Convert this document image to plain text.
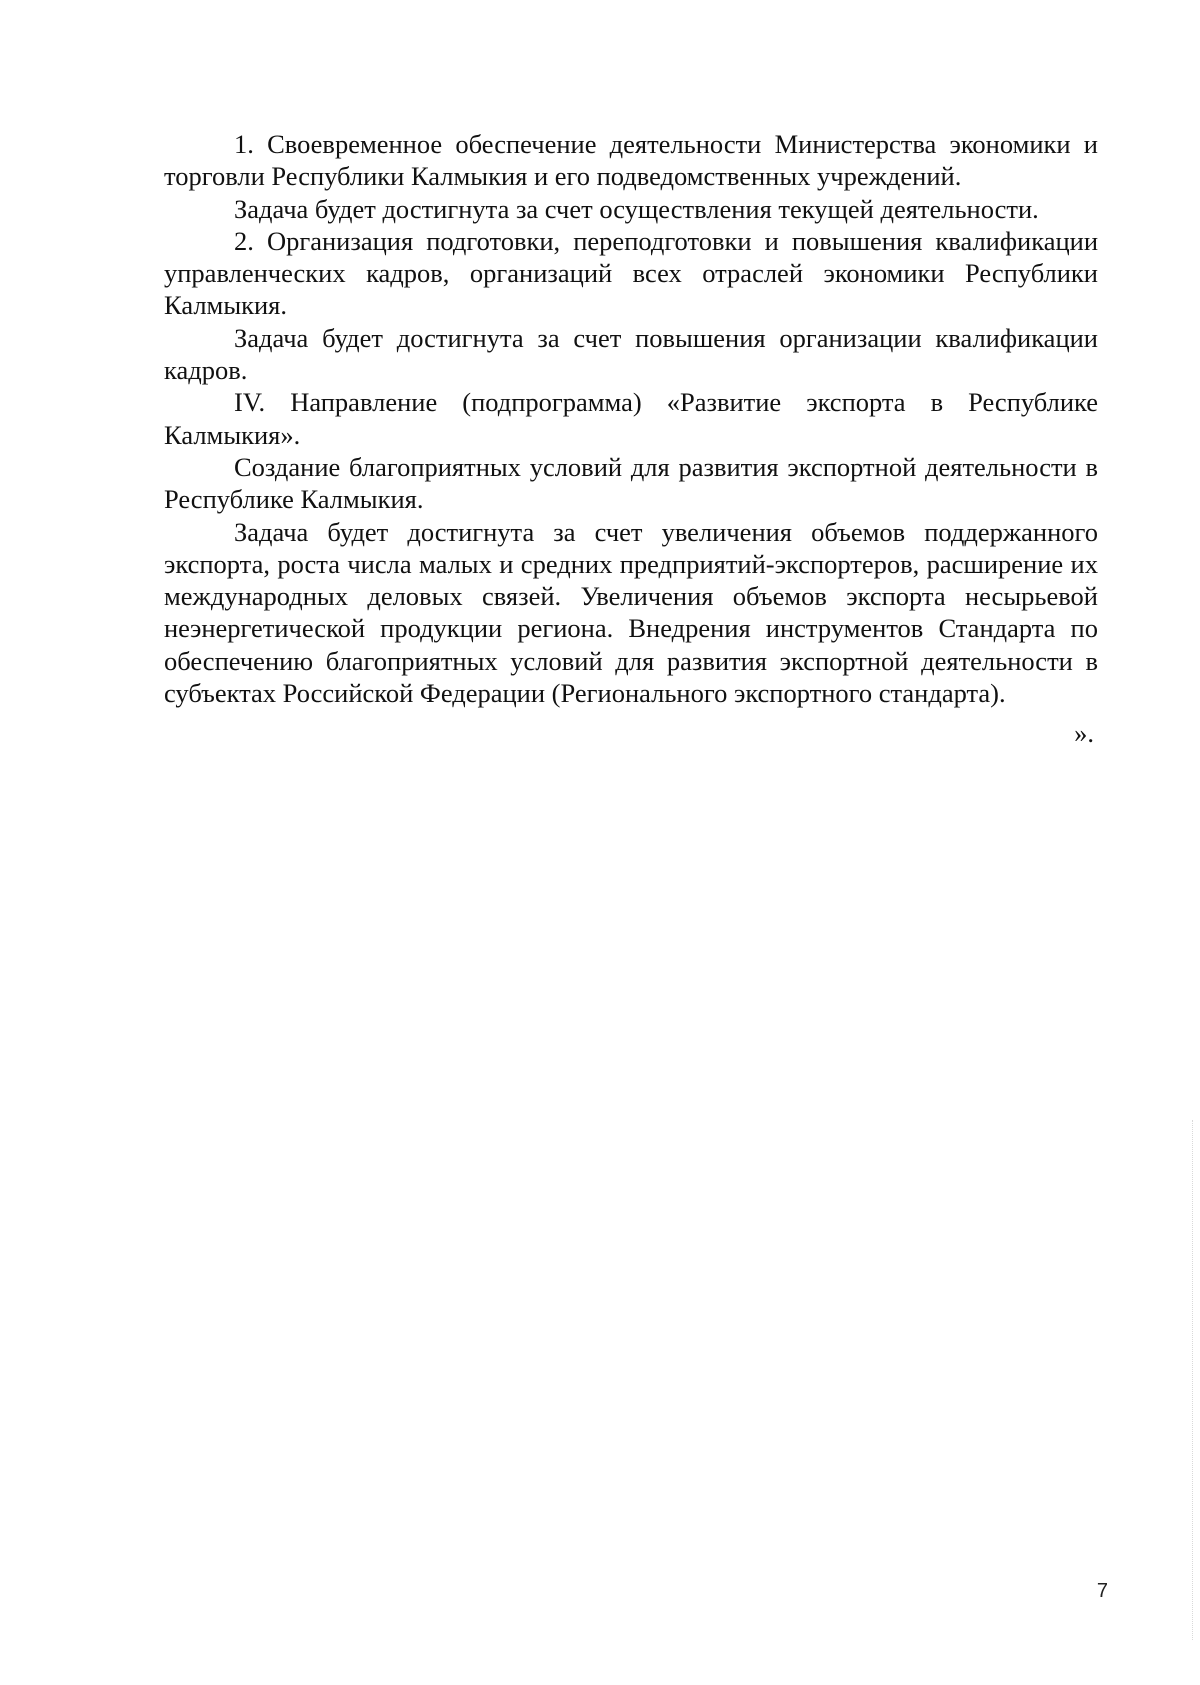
1. Своевременное обеспечение деятельности Министерства экономики и торговли Республики Калмыкия и его подведомственных учреждений.

Задача будет достигнута за счет осуществления текущей деятельности.

2. Организация подготовки, переподготовки и повышения квалификации управленческих кадров, организаций всех отраслей экономики Республики Калмыкия.

Задача будет достигнута за счет повышения организации квалификации кадров.

IV. Направление (подпрограмма) «Развитие экспорта в Республике Калмыкия».

Создание благоприятных условий для развития экспортной деятельности в Республике Калмыкия.

Задача будет достигнута за счет увеличения объемов поддержанного экспорта, роста числа малых и средних предприятий-экспортеров, расширение их международных деловых связей. Увеличения объемов экспорта несырьевой неэнергетической продукции региона. Внедрения инструментов Стандарта по обеспечению благоприятных условий для развития экспортной деятельности в субъектах Российской Федерации (Регионального экспортного стандарта).

».

7
